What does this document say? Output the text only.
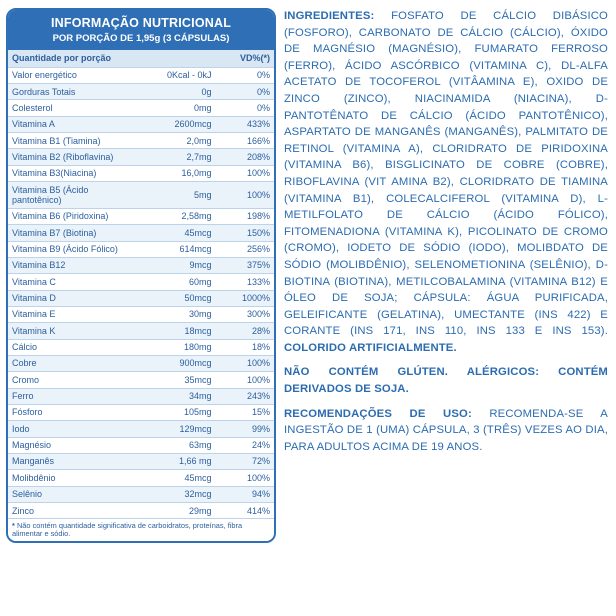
INFORMAÇÃO NUTRICIONAL
POR PORÇÃO DE 1,95g (3 CÁPSULAS)
Quantidade por porção		VD%(*)
Valor energético	0Kcal - 0kJ	0%
Gorduras Totais	0g	0%
Colesterol	0mg	0%
Vitamina A	2600mcg	433%
Vitamina B1 (Tiamina)	2,0mg	166%
Vitamina B2 (Riboflavina)	2,7mg	208%
Vitamina B3(Niacina)	16,0mg	100%
Vitamina B5 (Ácido pantotênico)	5mg	100%
Vitamina B6 (Piridoxina)	2,58mg	198%
Vitamina B7 (Biotina)	45mcg	150%
Vitamina B9 (Ácido Fólico)	614mcg	256%
Vitamina B12	9mcg	375%
Vitamina C	60mg	133%
Vitamina D	50mcg	1000%
Vitamina E	30mg	300%
Vitamina K	18mcg	28%
Cálcio	180mg	18%
Cobre	900mcg	100%
Cromo	35mcg	100%
Ferro	34mg	243%
Fósforo	105mg	15%
Iodo	129mcg	99%
Magnésio	63mg	24%
Manganês	1,66 mg	72%
Molibdênio	45mcg	100%
Selênio	32mcg	94%
Zinco	29mg	414%
* Não contém quantidade significativa de carboidratos, proteínas, fibra alimentar e sódio.		

INGREDIENTES: FOSFATO DE CÁLCIO DIBÁSICO (FOSFORO), CARBONATO DE CÁLCIO (CÁLCIO), ÓXIDO DE MAGNÉSIO (MAGNÉSIO), FUMARATO FERROSO (FERRO), ÁCIDO ASCÓRBICO (VITAMINA C), DL-ALFA ACETATO DE TOCOFEROL (VITÂAMINA E), OXIDO DE ZINCO (ZINCO), NIACINAMIDA (NIACINA), D-PANTOTÊNATO DE CÁLCIO (ÁCIDO PANTOTÊNICO), ASPARTATO DE MANGANÊS (MANGANÊS), PALMITATO DE RETINOL (VITAMINA A), CLORIDRATO DE PIRIDOXINA (VITAMINA B6), BISGLICINATO DE COBRE (COBRE), RIBOFLAVINA (VIT AMINA B2), CLORIDRATO DE TIAMINA (VITAMINA B1), COLECALCIFEROL (VITAMINA D), L-METILFOLATO DE CÁLCIO (ÁCIDO FÓLICO), FITOMENADIONA (VITAMINA K), PICOLINATO DE CROMO (CROMO), IODETO DE SÓDIO (IODO), MOLIBDATO DE SÓDIO (MOLIBDÊNIO), SELENOMETIONINA (SELÊNIO), D-BIOTINA (BIOTINA), METILCOBALAMINA (VITAMINA B12) E ÓLEO DE SOJA; CÁPSULA: ÁGUA PURIFICADA, GELEIFICANTE (GELATINA), UMECTANTE (INS 422) E CORANTE (INS 171, INS 110, INS 133 E INS 153). COLORIDO ARTIFICIALMENTE.

NÃO CONTÉM GLÚTEN. ALÉRGICOS: CONTÉM DERIVADOS DE SOJA.

RECOMENDAÇÕES DE USO: RECOMENDA-SE A INGESTÃO DE 1 (UMA) CÁPSULA, 3 (TRÊS) VEZES AO DIA, PARA ADULTOS ACIMA DE 19 ANOS.
